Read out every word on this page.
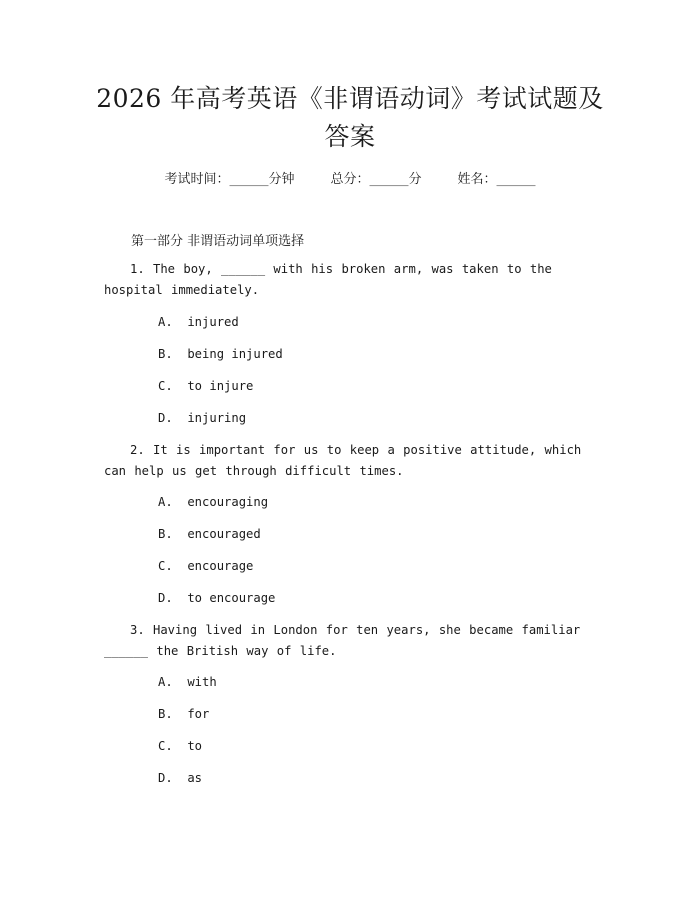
2026 年高考英语《非谓语动词》考试试题及答案
考试时间：______分钟	总分：______分	姓名：______
第一部分 非谓语动词单项选择
1. The boy, ______ with his broken arm, was taken to the hospital immediately.
A.  injured
B.  being injured
C.  to injure
D.  injuring
2. It is important for us to keep a positive attitude, which can help us get through difficult times.
A.  encouraging
B.  encouraged
C.  encourage
D.  to encourage
3. Having lived in London for ten years, she became familiar ______ the British way of life.
A.  with
B.  for
C.  to
D.  as
